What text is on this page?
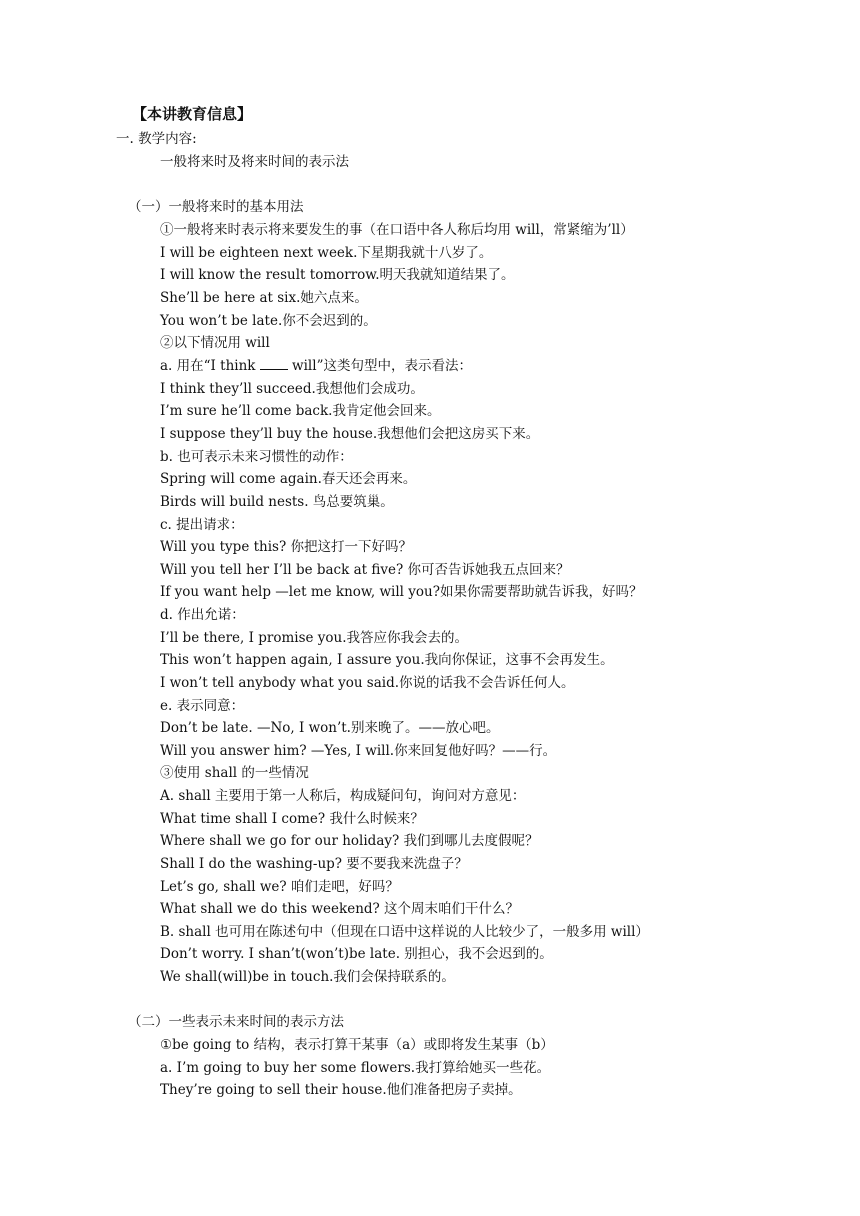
【本讲教育信息】
一. 教学内容:
一般将来时及将来时间的表示法
（一）一般将来时的基本用法
①一般将来时表示将来要发生的事（在口语中各人称后均用 will，常紧缩为’ll）
I will be eighteen next week.下星期我就十八岁了。
I will know the result tomorrow.明天我就知道结果了。
She’ll be here at six.她六点来。
You won’t be late.你不会迟到的。
②以下情况用 will
a. 用在“I think  will”这类句型中，表示看法：
I think they’ll succeed.我想他们会成功。
I’m sure he’ll come back.我肯定他会回来。
I suppose they’ll buy the house.我想他们会把这房买下来。
b. 也可表示未来习惯性的动作：
Spring will come again.春天还会再来。
Birds will build nests. 鸟总要筑巢。
c. 提出请求：
Will you type this? 你把这打一下好吗？
Will you tell her I’ll be back at five? 你可否告诉她我五点回来？
If you want help —let me know, will you?如果你需要帮助就告诉我，好吗？
d. 作出允诺：
I’ll be there, I promise you.我答应你我会去的。
This won’t happen again, I assure you.我向你保证，这事不会再发生。
I won’t tell anybody what you said.你说的话我不会告诉任何人。
e. 表示同意：
Don’t be late. —No, I won’t.别来晚了。——放心吧。
Will you answer him? —Yes, I will.你来回复他好吗？——行。
③使用 shall 的一些情况
A. shall 主要用于第一人称后，构成疑问句，询问对方意见：
What time shall I come? 我什么时候来？
Where shall we go for our holiday? 我们到哪儿去度假呢？
Shall I do the washing-up? 要不要我来洗盘子？
Let’s go, shall we? 咱们走吧，好吗？
What shall we do this weekend? 这个周末咱们干什么？
B. shall 也可用在陈述句中（但现在口语中这样说的人比较少了，一般多用 will）
Don’t worry. I shan’t(won’t)be late. 别担心，我不会迟到的。
We shall(will)be in touch.我们会保持联系的。
（二）一些表示未来时间的表示方法
①be going to 结构，表示打算干某事（a）或即将发生某事（b）
a. I’m going to buy her some flowers.我打算给她买一些花。
They’re going to sell their house.他们准备把房子卖掉。
